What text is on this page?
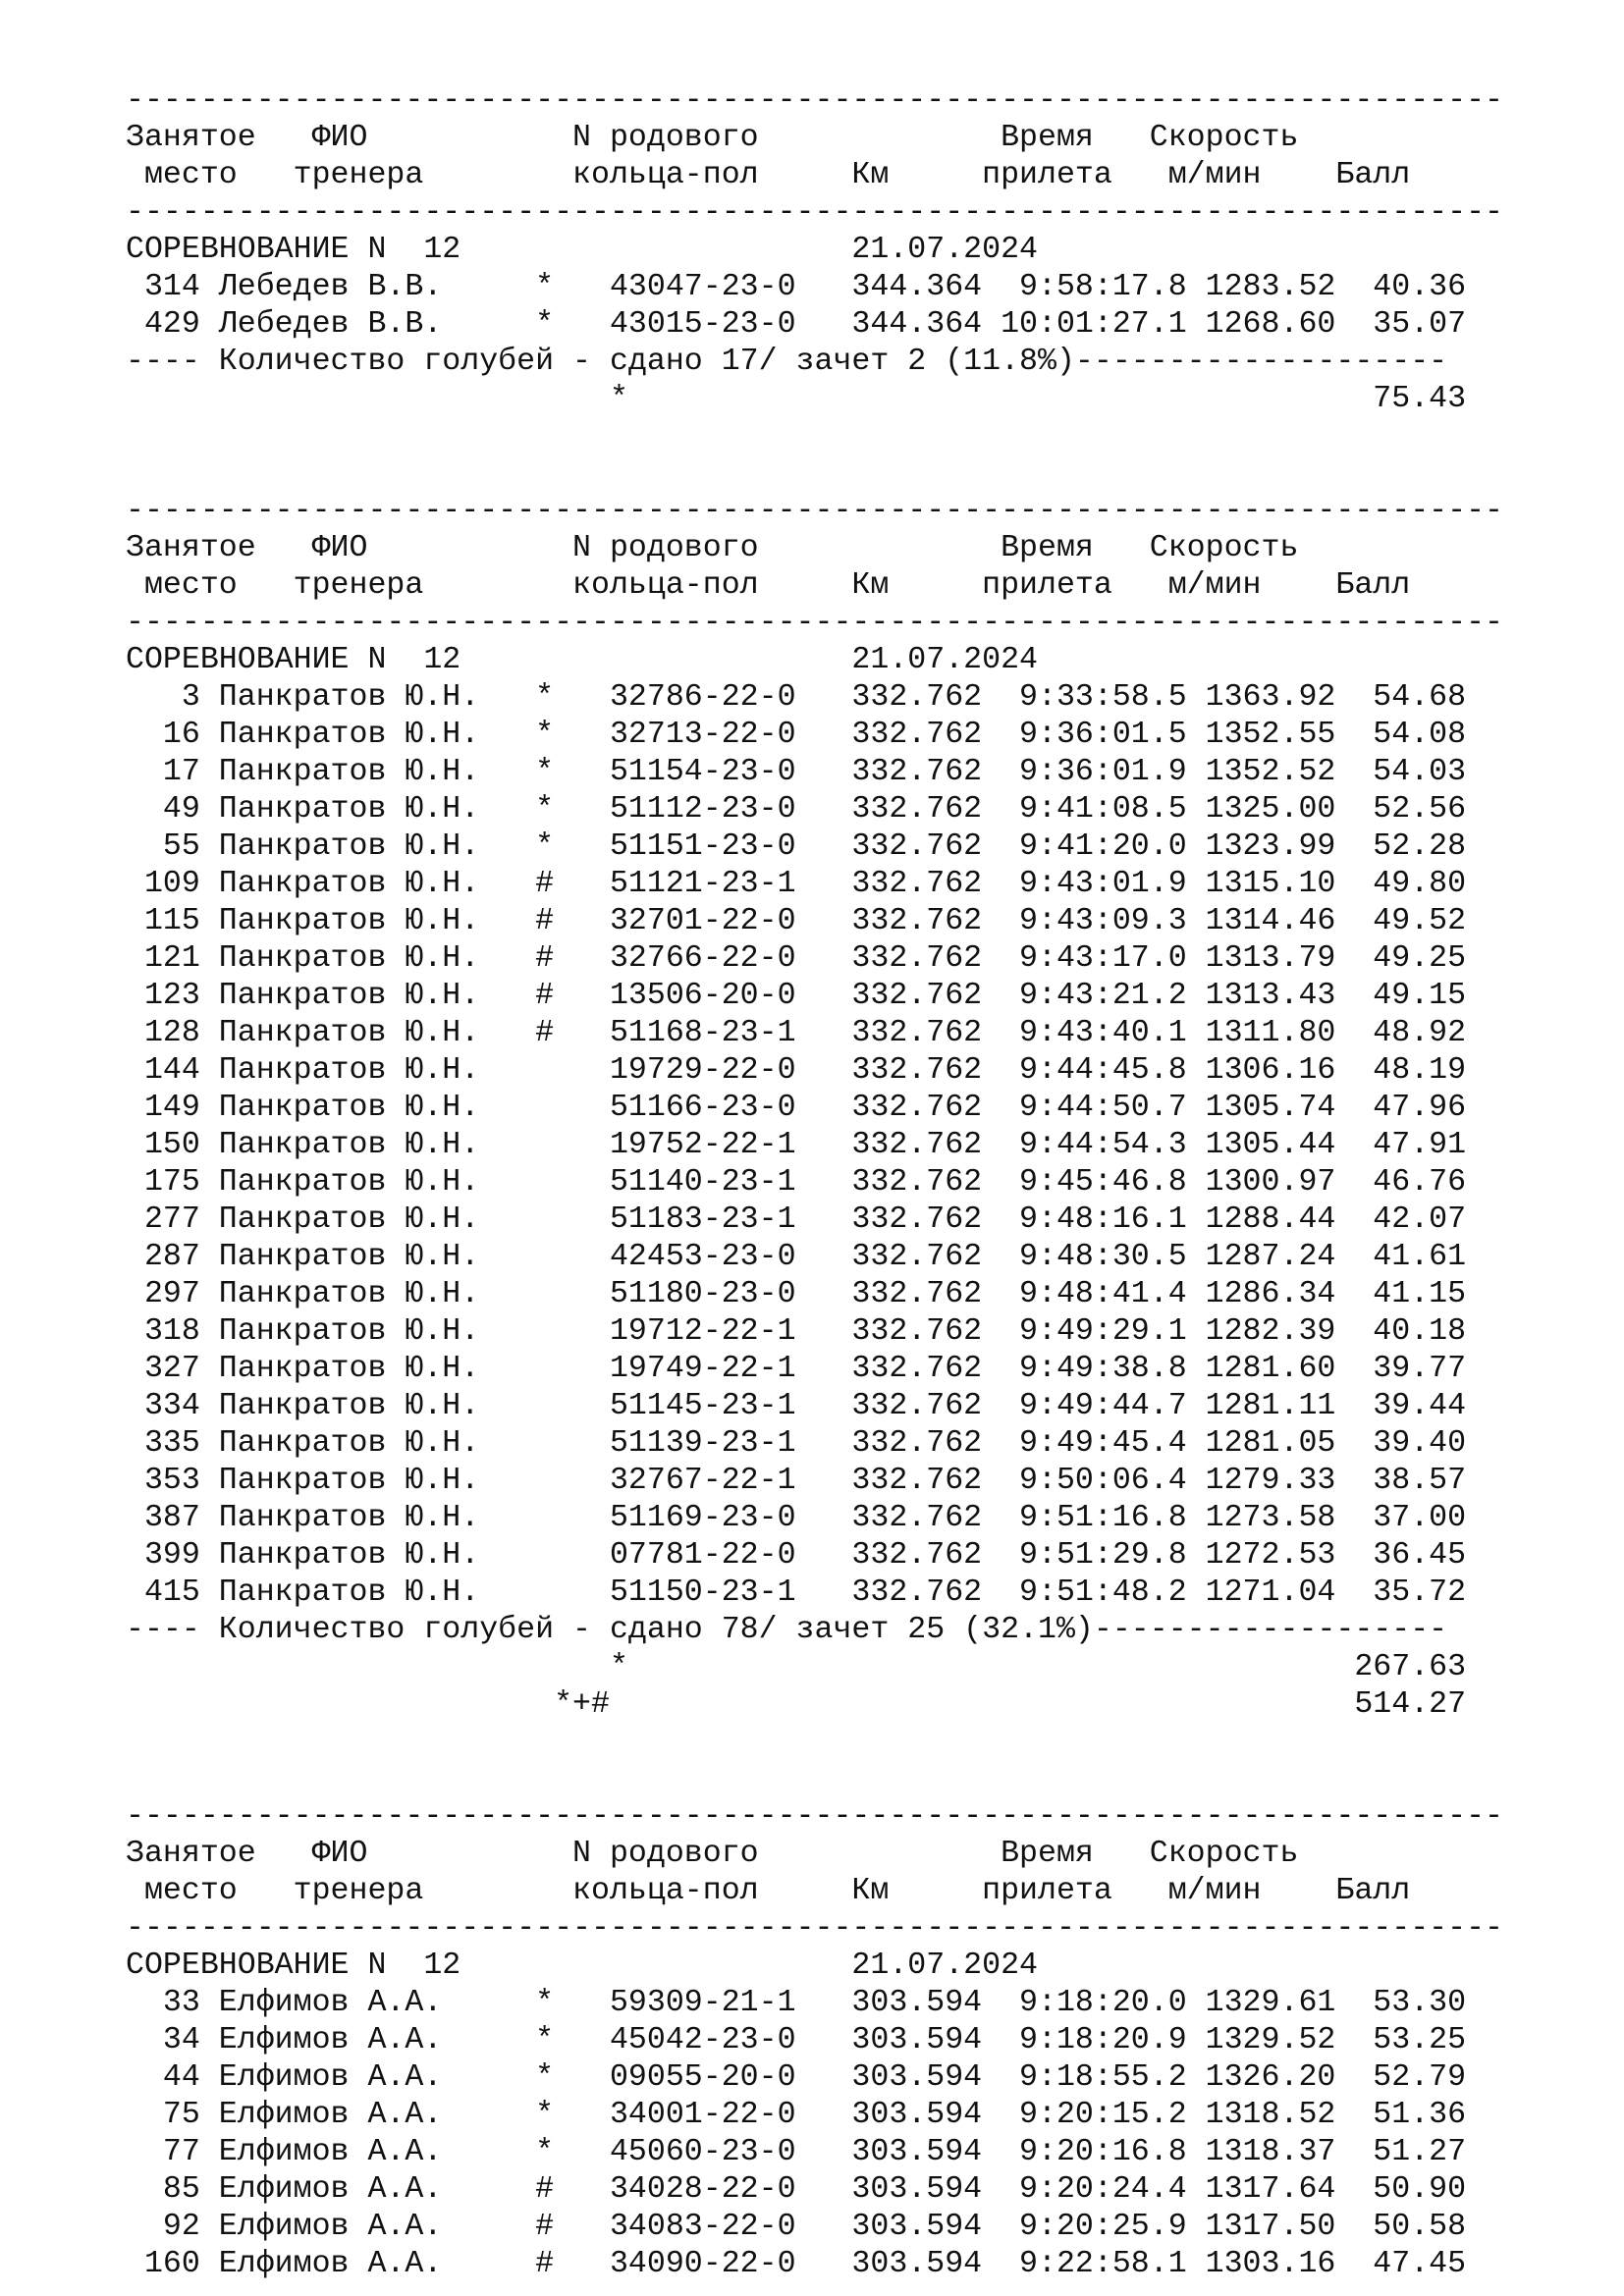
--------------------------------------------------------------------------
Занятое   ФИО           N родового             Время   Скорость
место   тренера        кольца-пол     Км     прилета   м/мин    Балл
--------------------------------------------------------------------------
СОРЕВНОВАНИЕ N  12                     21.07.2024
314 Лебедев В.В.     *   43047-23-0   344.364  9:58:17.8 1283.52  40.36
429 Лебедев В.В.     *   43015-23-0   344.364 10:01:27.1 1268.60  35.07
---- Количество голубей - сдано 17/ зачет 2 (11.8%)--------------------
*                                        75.43
--------------------------------------------------------------------------
Занятое   ФИО           N родового             Время   Скорость
место   тренера        кольца-пол     Км     прилета   м/мин    Балл
--------------------------------------------------------------------------
СОРЕВНОВАНИЕ N  12                     21.07.2024
3 Панкратов Ю.Н.   *   32786-22-0   332.762  9:33:58.5 1363.92  54.68
16 Панкратов Ю.Н.   *   32713-22-0   332.762  9:36:01.5 1352.55  54.08
17 Панкратов Ю.Н.   *   51154-23-0   332.762  9:36:01.9 1352.52  54.03
49 Панкратов Ю.Н.   *   51112-23-0   332.762  9:41:08.5 1325.00  52.56
55 Панкратов Ю.Н.   *   51151-23-0   332.762  9:41:20.0 1323.99  52.28
109 Панкратов Ю.Н.   #   51121-23-1   332.762  9:43:01.9 1315.10  49.80
115 Панкратов Ю.Н.   #   32701-22-0   332.762  9:43:09.3 1314.46  49.52
121 Панкратов Ю.Н.   #   32766-22-0   332.762  9:43:17.0 1313.79  49.25
123 Панкратов Ю.Н.   #   13506-20-0   332.762  9:43:21.2 1313.43  49.15
128 Панкратов Ю.Н.   #   51168-23-1   332.762  9:43:40.1 1311.80  48.92
144 Панкратов Ю.Н.       19729-22-0   332.762  9:44:45.8 1306.16  48.19
149 Панкратов Ю.Н.       51166-23-0   332.762  9:44:50.7 1305.74  47.96
150 Панкратов Ю.Н.       19752-22-1   332.762  9:44:54.3 1305.44  47.91
175 Панкратов Ю.Н.       51140-23-1   332.762  9:45:46.8 1300.97  46.76
277 Панкратов Ю.Н.       51183-23-1   332.762  9:48:16.1 1288.44  42.07
287 Панкратов Ю.Н.       42453-23-0   332.762  9:48:30.5 1287.24  41.61
297 Панкратов Ю.Н.       51180-23-0   332.762  9:48:41.4 1286.34  41.15
318 Панкратов Ю.Н.       19712-22-1   332.762  9:49:29.1 1282.39  40.18
327 Панкратов Ю.Н.       19749-22-1   332.762  9:49:38.8 1281.60  39.77
334 Панкратов Ю.Н.       51145-23-1   332.762  9:49:44.7 1281.11  39.44
335 Панкратов Ю.Н.       51139-23-1   332.762  9:49:45.4 1281.05  39.40
353 Панкратов Ю.Н.       32767-22-1   332.762  9:50:06.4 1279.33  38.57
387 Панкратов Ю.Н.       51169-23-0   332.762  9:51:16.8 1273.58  37.00
399 Панкратов Ю.Н.       07781-22-0   332.762  9:51:29.8 1272.53  36.45
415 Панкратов Ю.Н.       51150-23-1   332.762  9:51:48.2 1271.04  35.72
---- Количество голубей - сдано 78/ зачет 25 (32.1%)-------------------
*                                       267.63
*+#                                        514.27
--------------------------------------------------------------------------
Занятое   ФИО           N родового             Время   Скорость
место   тренера        кольца-пол     Км     прилета   м/мин    Балл
--------------------------------------------------------------------------
СОРЕВНОВАНИЕ N  12                     21.07.2024
33 Елфимов А.А.     *   59309-21-1   303.594  9:18:20.0 1329.61  53.30
34 Елфимов А.А.     *   45042-23-0   303.594  9:18:20.9 1329.52  53.25
44 Елфимов А.А.     *   09055-20-0   303.594  9:18:55.2 1326.20  52.79
75 Елфимов А.А.     *   34001-22-0   303.594  9:20:15.2 1318.52  51.36
77 Елфимов А.А.     *   45060-23-0   303.594  9:20:16.8 1318.37  51.27
85 Елфимов А.А.     #   34028-22-0   303.594  9:20:24.4 1317.64  50.90
92 Елфимов А.А.     #   34083-22-0   303.594  9:20:25.9 1317.50  50.58
160 Елфимов А.А.     #   34090-22-0   303.594  9:22:58.1 1303.16  47.45
